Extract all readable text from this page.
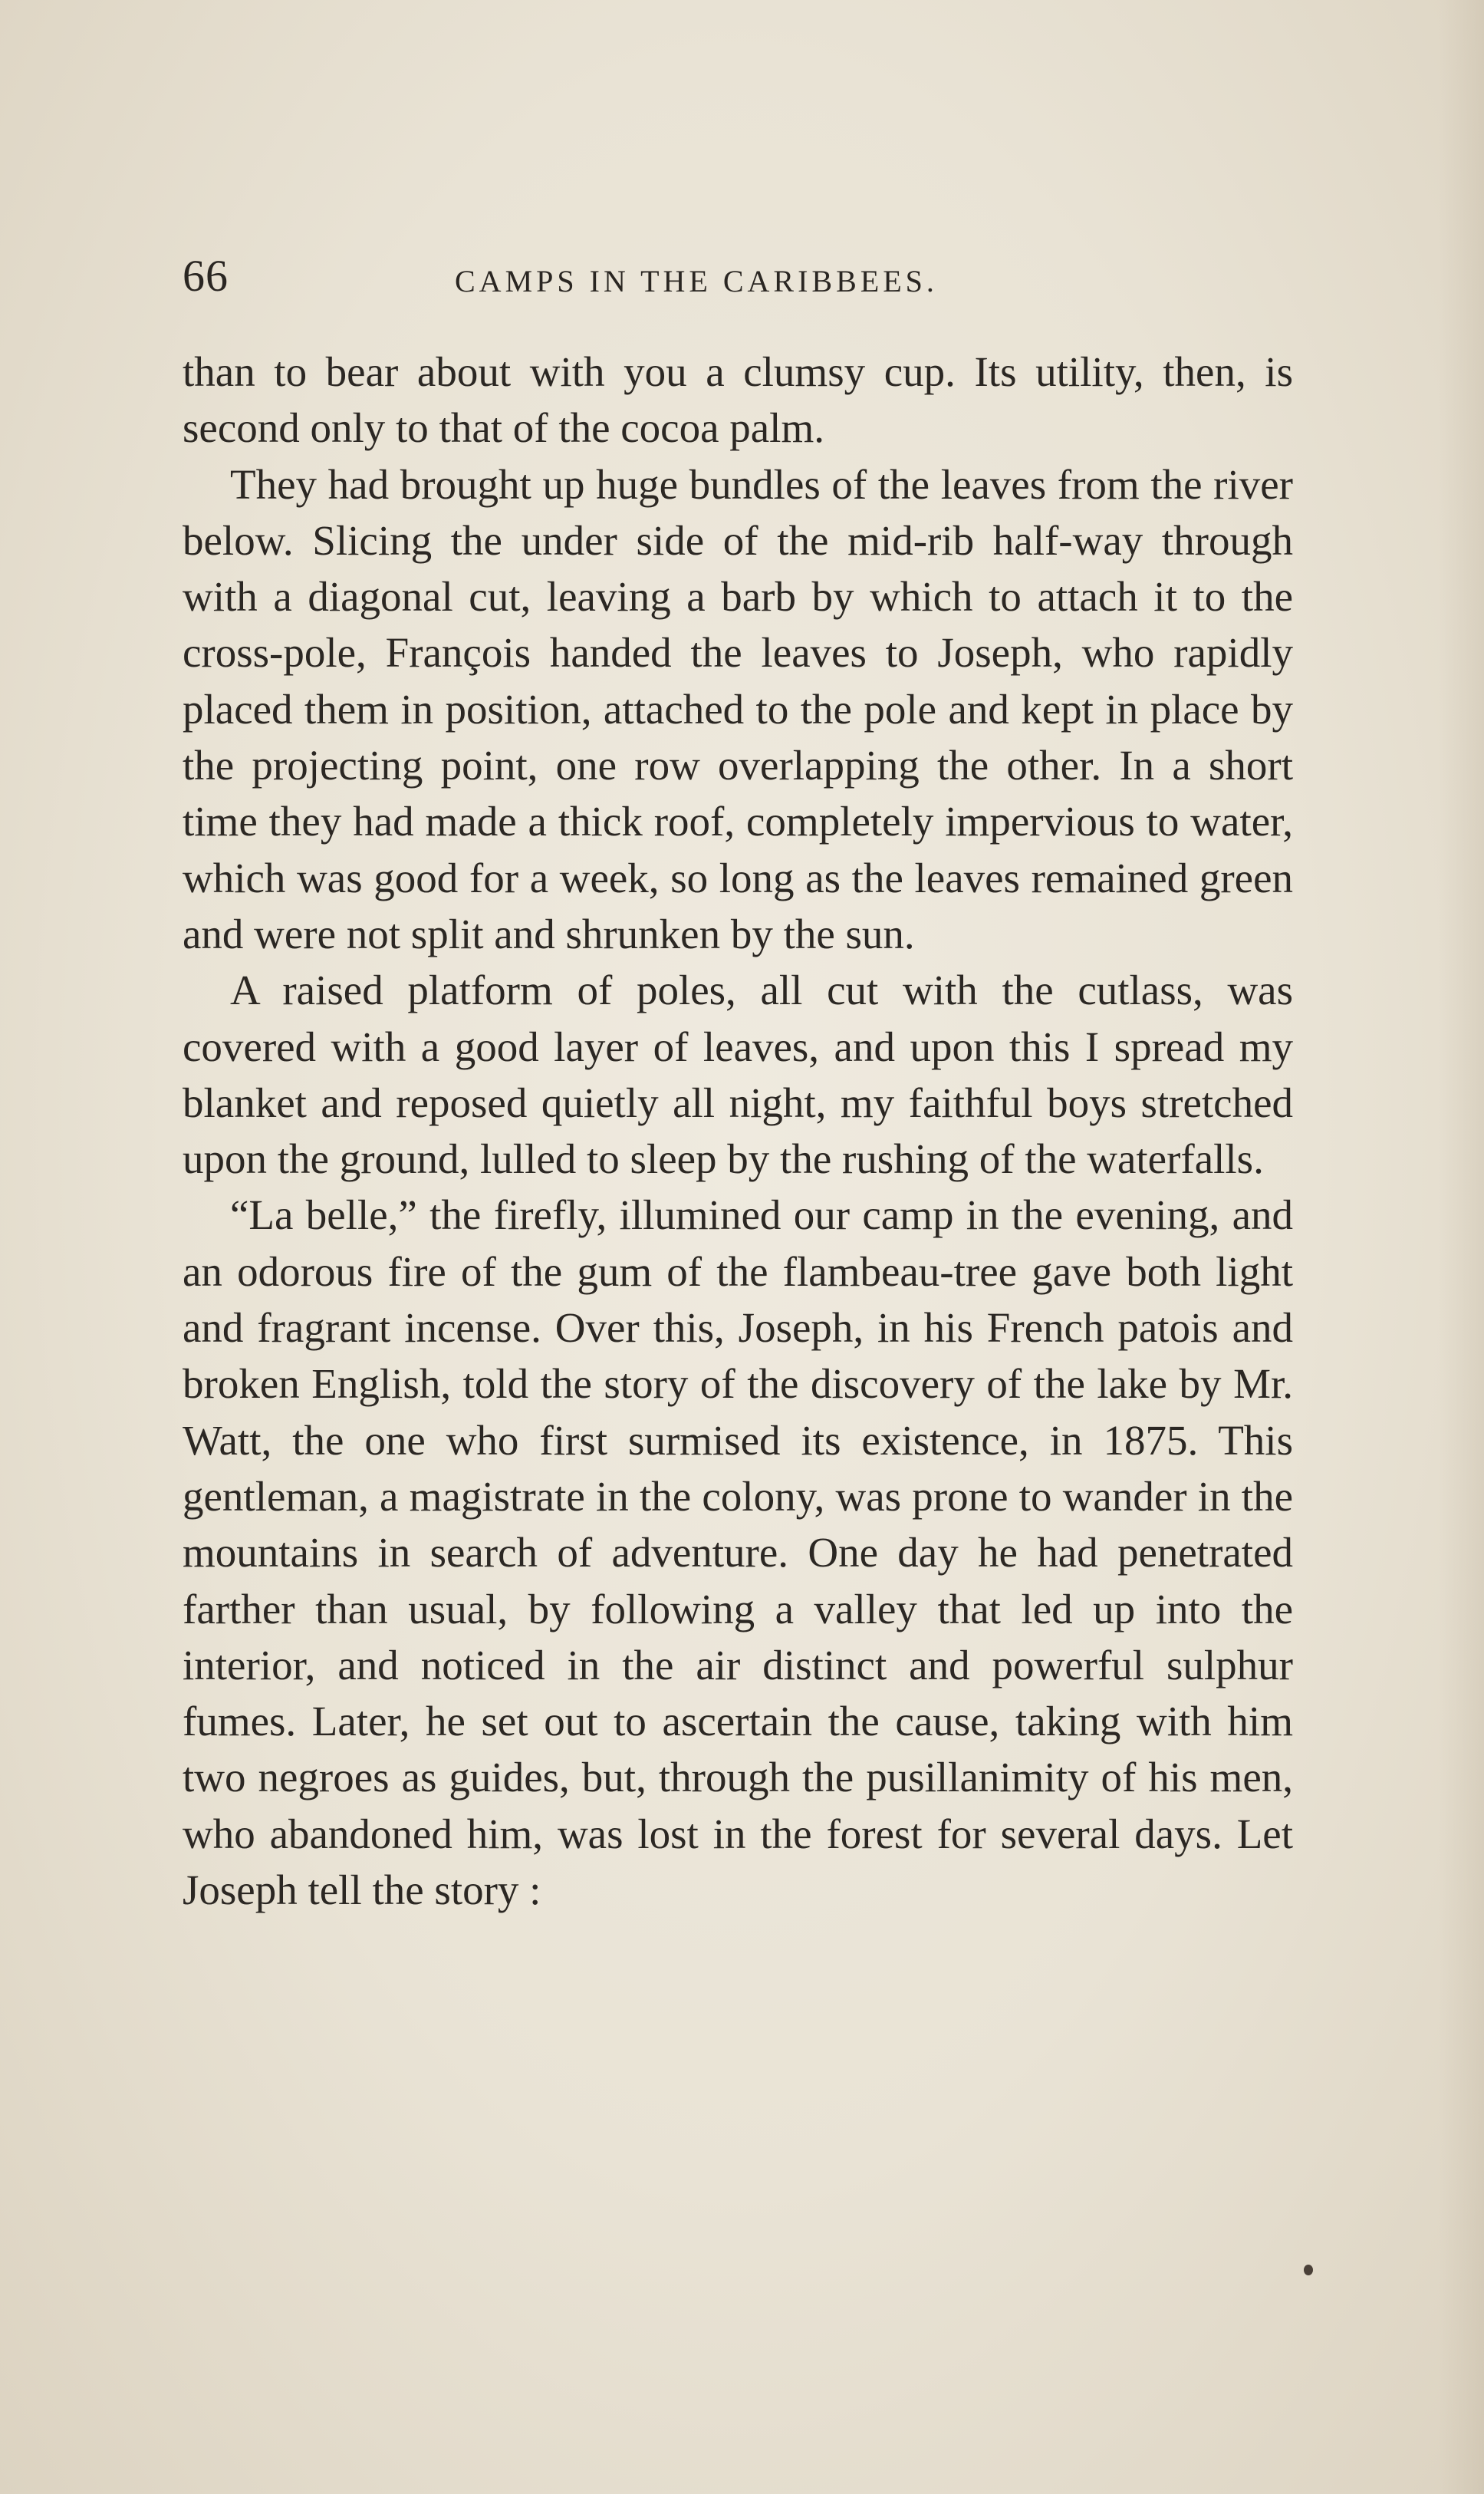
66	CAMPS IN THE CARIBBEES.

than to bear about with you a clumsy cup. Its utility, then, is second only to that of the cocoa palm.

They had brought up huge bundles of the leaves from the river below. Slicing the under side of the mid-rib half-way through with a diagonal cut, leaving a barb by which to attach it to the cross-pole, François handed the leaves to Joseph, who rapidly placed them in position, attached to the pole and kept in place by the projecting point, one row overlapping the other. In a short time they had made a thick roof, completely impervious to water, which was good for a week, so long as the leaves remained green and were not split and shrunken by the sun.

A raised platform of poles, all cut with the cutlass, was covered with a good layer of leaves, and upon this I spread my blanket and reposed quietly all night, my faithful boys stretched upon the ground, lulled to sleep by the rushing of the waterfalls.

“La belle,” the firefly, illumined our camp in the evening, and an odorous fire of the gum of the flambeau-tree gave both light and fragrant incense. Over this, Joseph, in his French patois and broken English, told the story of the discovery of the lake by Mr. Watt, the one who first surmised its existence, in 1875. This gentleman, a magistrate in the colony, was prone to wander in the mountains in search of adventure. One day he had penetrated farther than usual, by following a valley that led up into the interior, and noticed in the air distinct and powerful sulphur fumes. Later, he set out to ascertain the cause, taking with him two negroes as guides, but, through the pusillanimity of his men, who abandoned him, was lost in the forest for several days. Let Joseph tell the story :
